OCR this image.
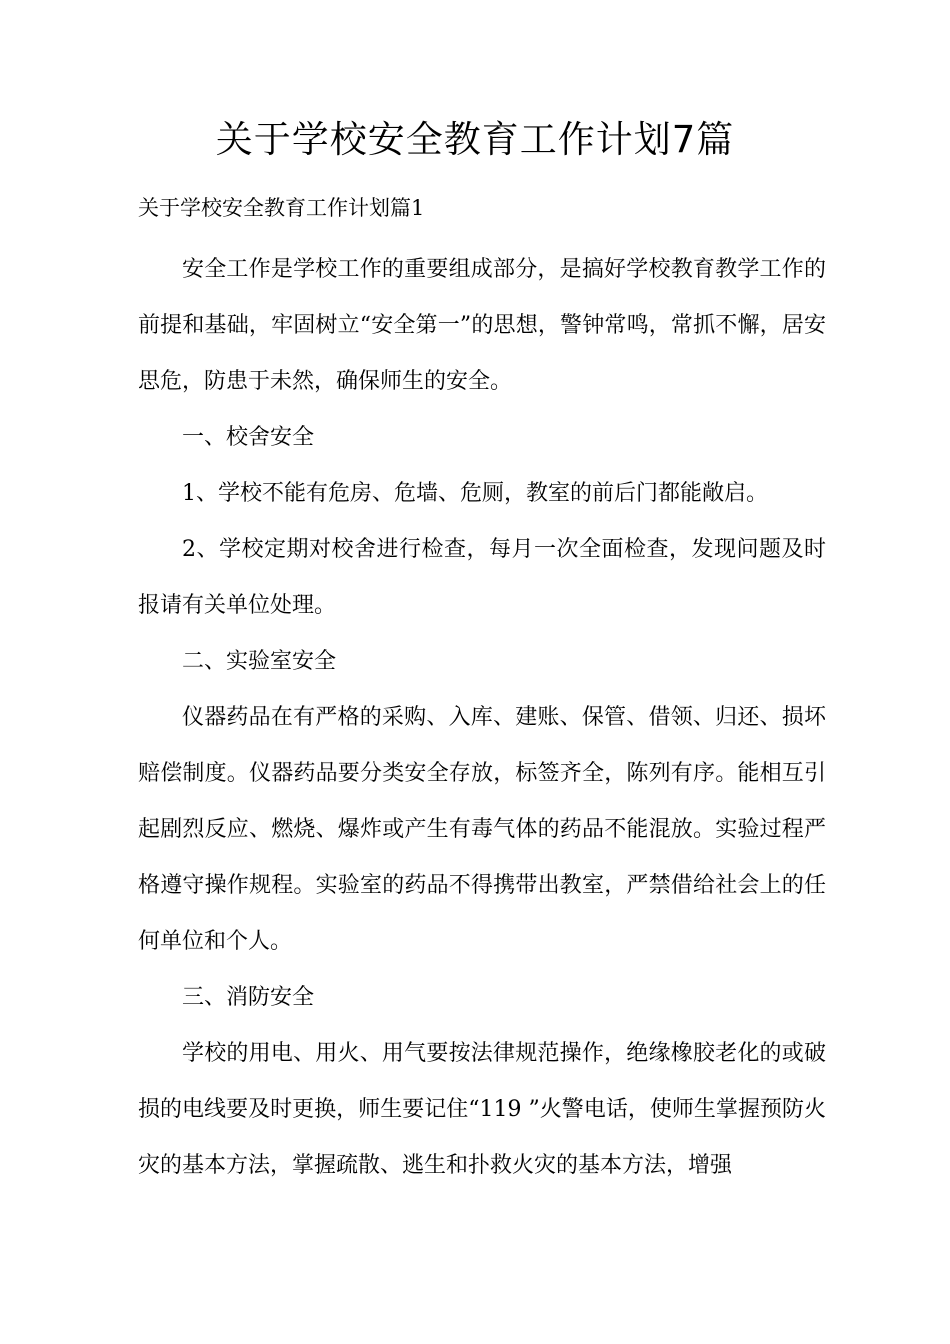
关于学校安全教育工作计划7篇

关于学校安全教育工作计划篇1

安全工作是学校工作的重要组成部分，是搞好学校教育教学工作的前提和基础，牢固树立“安全第一”的思想，警钟常鸣，常抓不懈，居安思危，防患于未然，确保师生的安全。

一、校舍安全

1、学校不能有危房、危墙、危厕，教室的前后门都能敞启。

2、学校定期对校舍进行检查，每月一次全面检查，发现问题及时报请有关单位处理。

二、实验室安全

仪器药品在有严格的采购、入库、建账、保管、借领、归还、损坏赔偿制度。仪器药品要分类安全存放，标签齐全，陈列有序。能相互引起剧烈反应、燃烧、爆炸或产生有毒气体的药品不能混放。实验过程严格遵守操作规程。实验室的药品不得携带出教室，严禁借给社会上的任何单位和个人。

三、消防安全

学校的用电、用火、用气要按法律规范操作，绝缘橡胶老化的或破损的电线要及时更换，师生要记住“119 ”火警电话，使师生掌握预防火灾的基本方法，掌握疏散、逃生和扑救火灾的基本方法，增强
